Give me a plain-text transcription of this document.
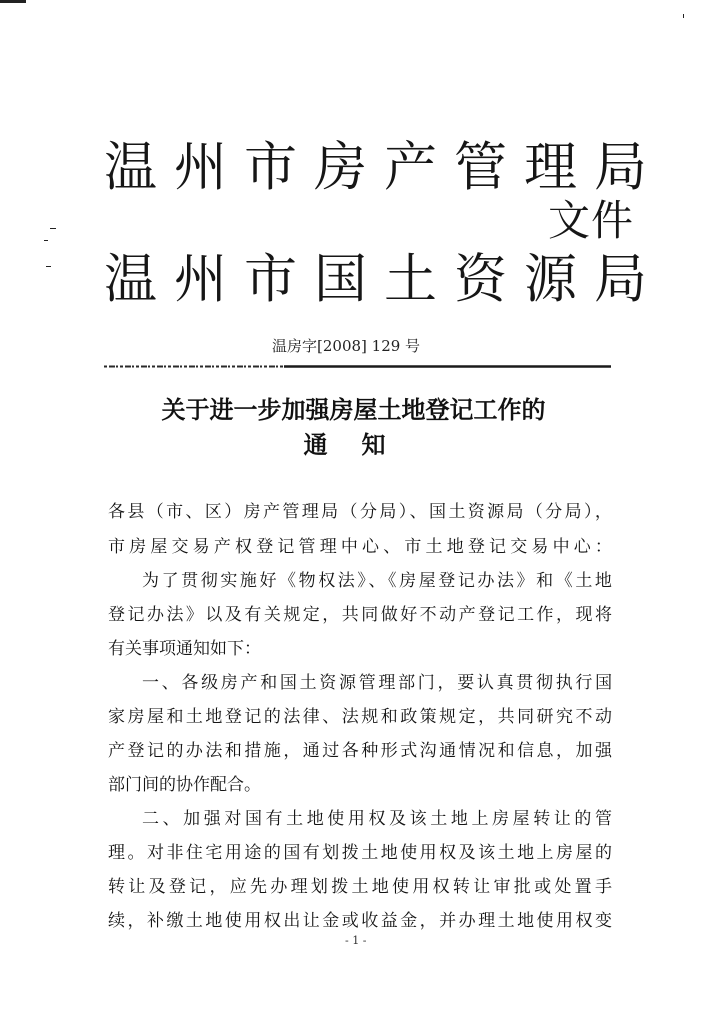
温州市房产管理局
文件
温州市国土资源局
温房字[2008] 129 号
关于进一步加强房屋土地登记工作的
通知
各县（市、区）房产管理局（分局）、国土资源局（分局），
市房屋交易产权登记管理中心、市土地登记交易中心：
为了贯彻实施好《物权法》、《房屋登记办法》和《土地
登记办法》以及有关规定，共同做好不动产登记工作，现将
有关事项通知如下：
一、各级房产和国土资源管理部门，要认真贯彻执行国
家房屋和土地登记的法律、法规和政策规定，共同研究不动
产登记的办法和措施，通过各种形式沟通情况和信息，加强
部门间的协作配合。
二、加强对国有土地使用权及该土地上房屋转让的管
理。对非住宅用途的国有划拨土地使用权及该土地上房屋的
转让及登记，应先办理划拨土地使用权转让审批或处置手
续，补缴土地使用权出让金或收益金，并办理土地使用权变
- 1 -
